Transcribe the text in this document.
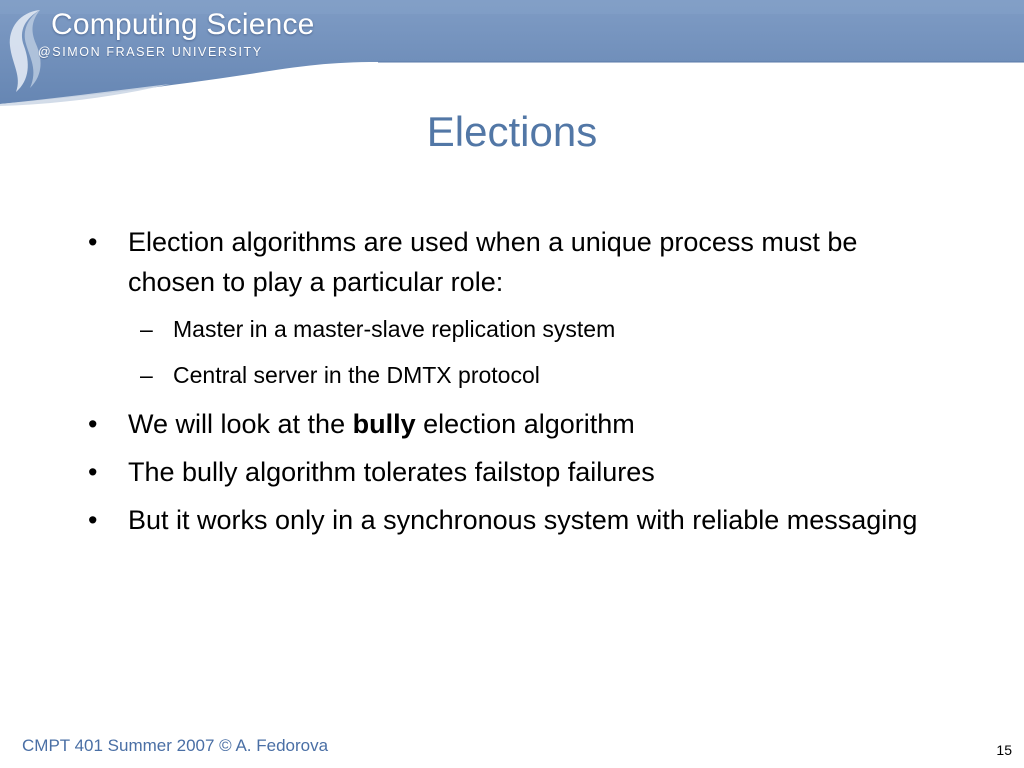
Computing Science
@SIMON FRASER UNIVERSITY
Elections
• Election algorithms are used when a unique process must be chosen to play a particular role:
– Master in a master-slave replication system
– Central server in the DMTX protocol
• We will look at the bully election algorithm
• The bully algorithm tolerates failstop failures
• But it works only in a synchronous system with reliable messaging
CMPT 401 Summer 2007 © A. Fedorova	15
